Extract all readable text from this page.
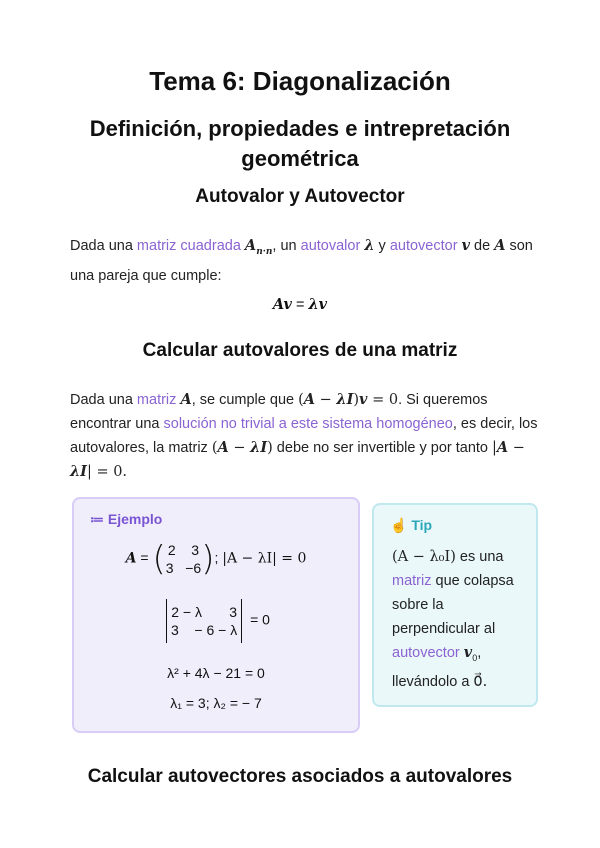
Tema 6: Diagonalización
Definición, propiedades e intrepretación geométrica
Autovalor y Autovector
Dada una matriz cuadrada $A_{n\cdot n}$, un autovalor λ y autovector v de A son una pareja que cumple:
Av = λv
Calcular autovalores de una matriz
Dada una matriz A, se cumple que (A − λI)v = 0. Si queremos encontrar una solución no trivial a este sistema homogéneo, es decir, los autovalores, la matriz (A − λI) debe no ser invertible y por tanto |A − λI| = 0.
≔ Ejemplo
A = ( 2 3
3 −6); |A − λI| = 0
2 − λ 3
3 − 6 − λ = 0
λ² + 4λ − 21 = 0
λ₁ = 3; λ₂ = − 7
☝ Tip
(A − λ₀I) es una matriz que colapsa sobre la perpendicular al autovector $v_0$, llevándolo a 0⃗.
Calcular autovectores asociados a autovalores
